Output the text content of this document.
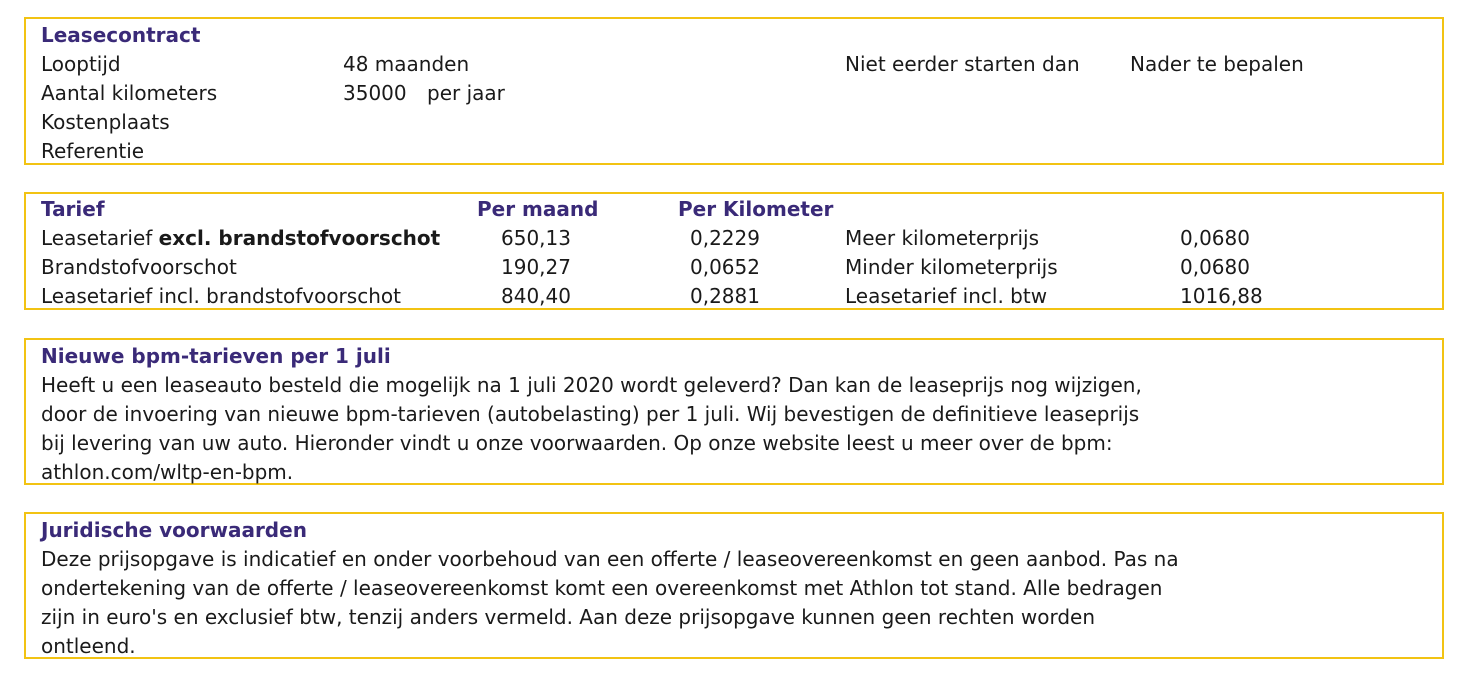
Leasecontract
Looptijd	48 maanden	Niet eerder starten dan	Nader te bepalen
Aantal kilometers	35000 per jaar
Kostenplaats
Referentie
Tarief	Per maand	Per Kilometer
Leasetarief excl. brandstofvoorschot	650,13	0,2229	Meer kilometerprijs	0,0680
Brandstofvoorschot	190,27	0,0652	Minder kilometerprijs	0,0680
Leasetarief incl. brandstofvoorschot	840,40	0,2881	Leasetarief incl. btw	1016,88
Nieuwe bpm-tarieven per 1 juli
Heeft u een leaseauto besteld die mogelijk na 1 juli 2020 wordt geleverd? Dan kan de leaseprijs nog wijzigen,
door de invoering van nieuwe bpm-tarieven (autobelasting) per 1 juli. Wij bevestigen de definitieve leaseprijs
bij levering van uw auto. Hieronder vindt u onze voorwaarden. Op onze website leest u meer over de bpm:
athlon.com/wltp-en-bpm.
Juridische voorwaarden
Deze prijsopgave is indicatief en onder voorbehoud van een offerte / leaseovereenkomst en geen aanbod. Pas na
ondertekening van de offerte / leaseovereenkomst komt een overeenkomst met Athlon tot stand. Alle bedragen
zijn in euro's en exclusief btw, tenzij anders vermeld. Aan deze prijsopgave kunnen geen rechten worden
ontleend.
